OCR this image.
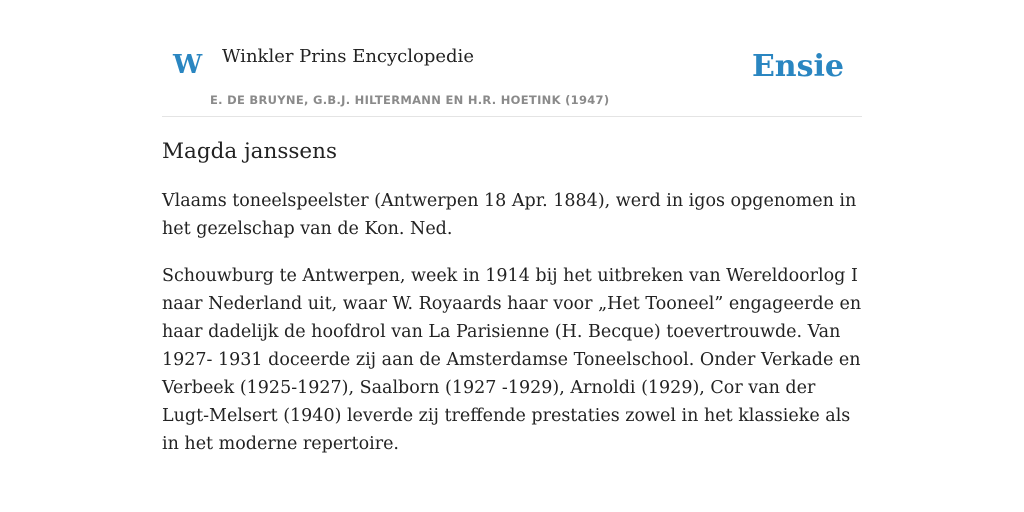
W Winkler Prins Encyclopedie
E. DE BRUYNE, G.B.J. HILTERMANN EN H.R. HOETINK (1947)
Ensie
Magda janssens

Vlaams toneelspeelster (Antwerpen 18 Apr. 1884), werd in igos opgenomen in het gezelschap van de Kon. Ned.

Schouwburg te Antwerpen, week in 1914 bij het uitbreken van Wereldoorlog I naar Nederland uit, waar W. Royaards haar voor „Het Tooneel” engageerde en haar dadelijk de hoofdrol van La Parisienne (H. Becque) toevertrouwde. Van 1927- 1931 doceerde zij aan de Amsterdamse Toneelschool. Onder Verkade en Verbeek (1925-1927), Saalborn (1927 -1929), Arnoldi (1929), Cor van der Lugt-Melsert (1940) leverde zij treffende prestaties zowel in het klassieke als in het moderne repertoire.
